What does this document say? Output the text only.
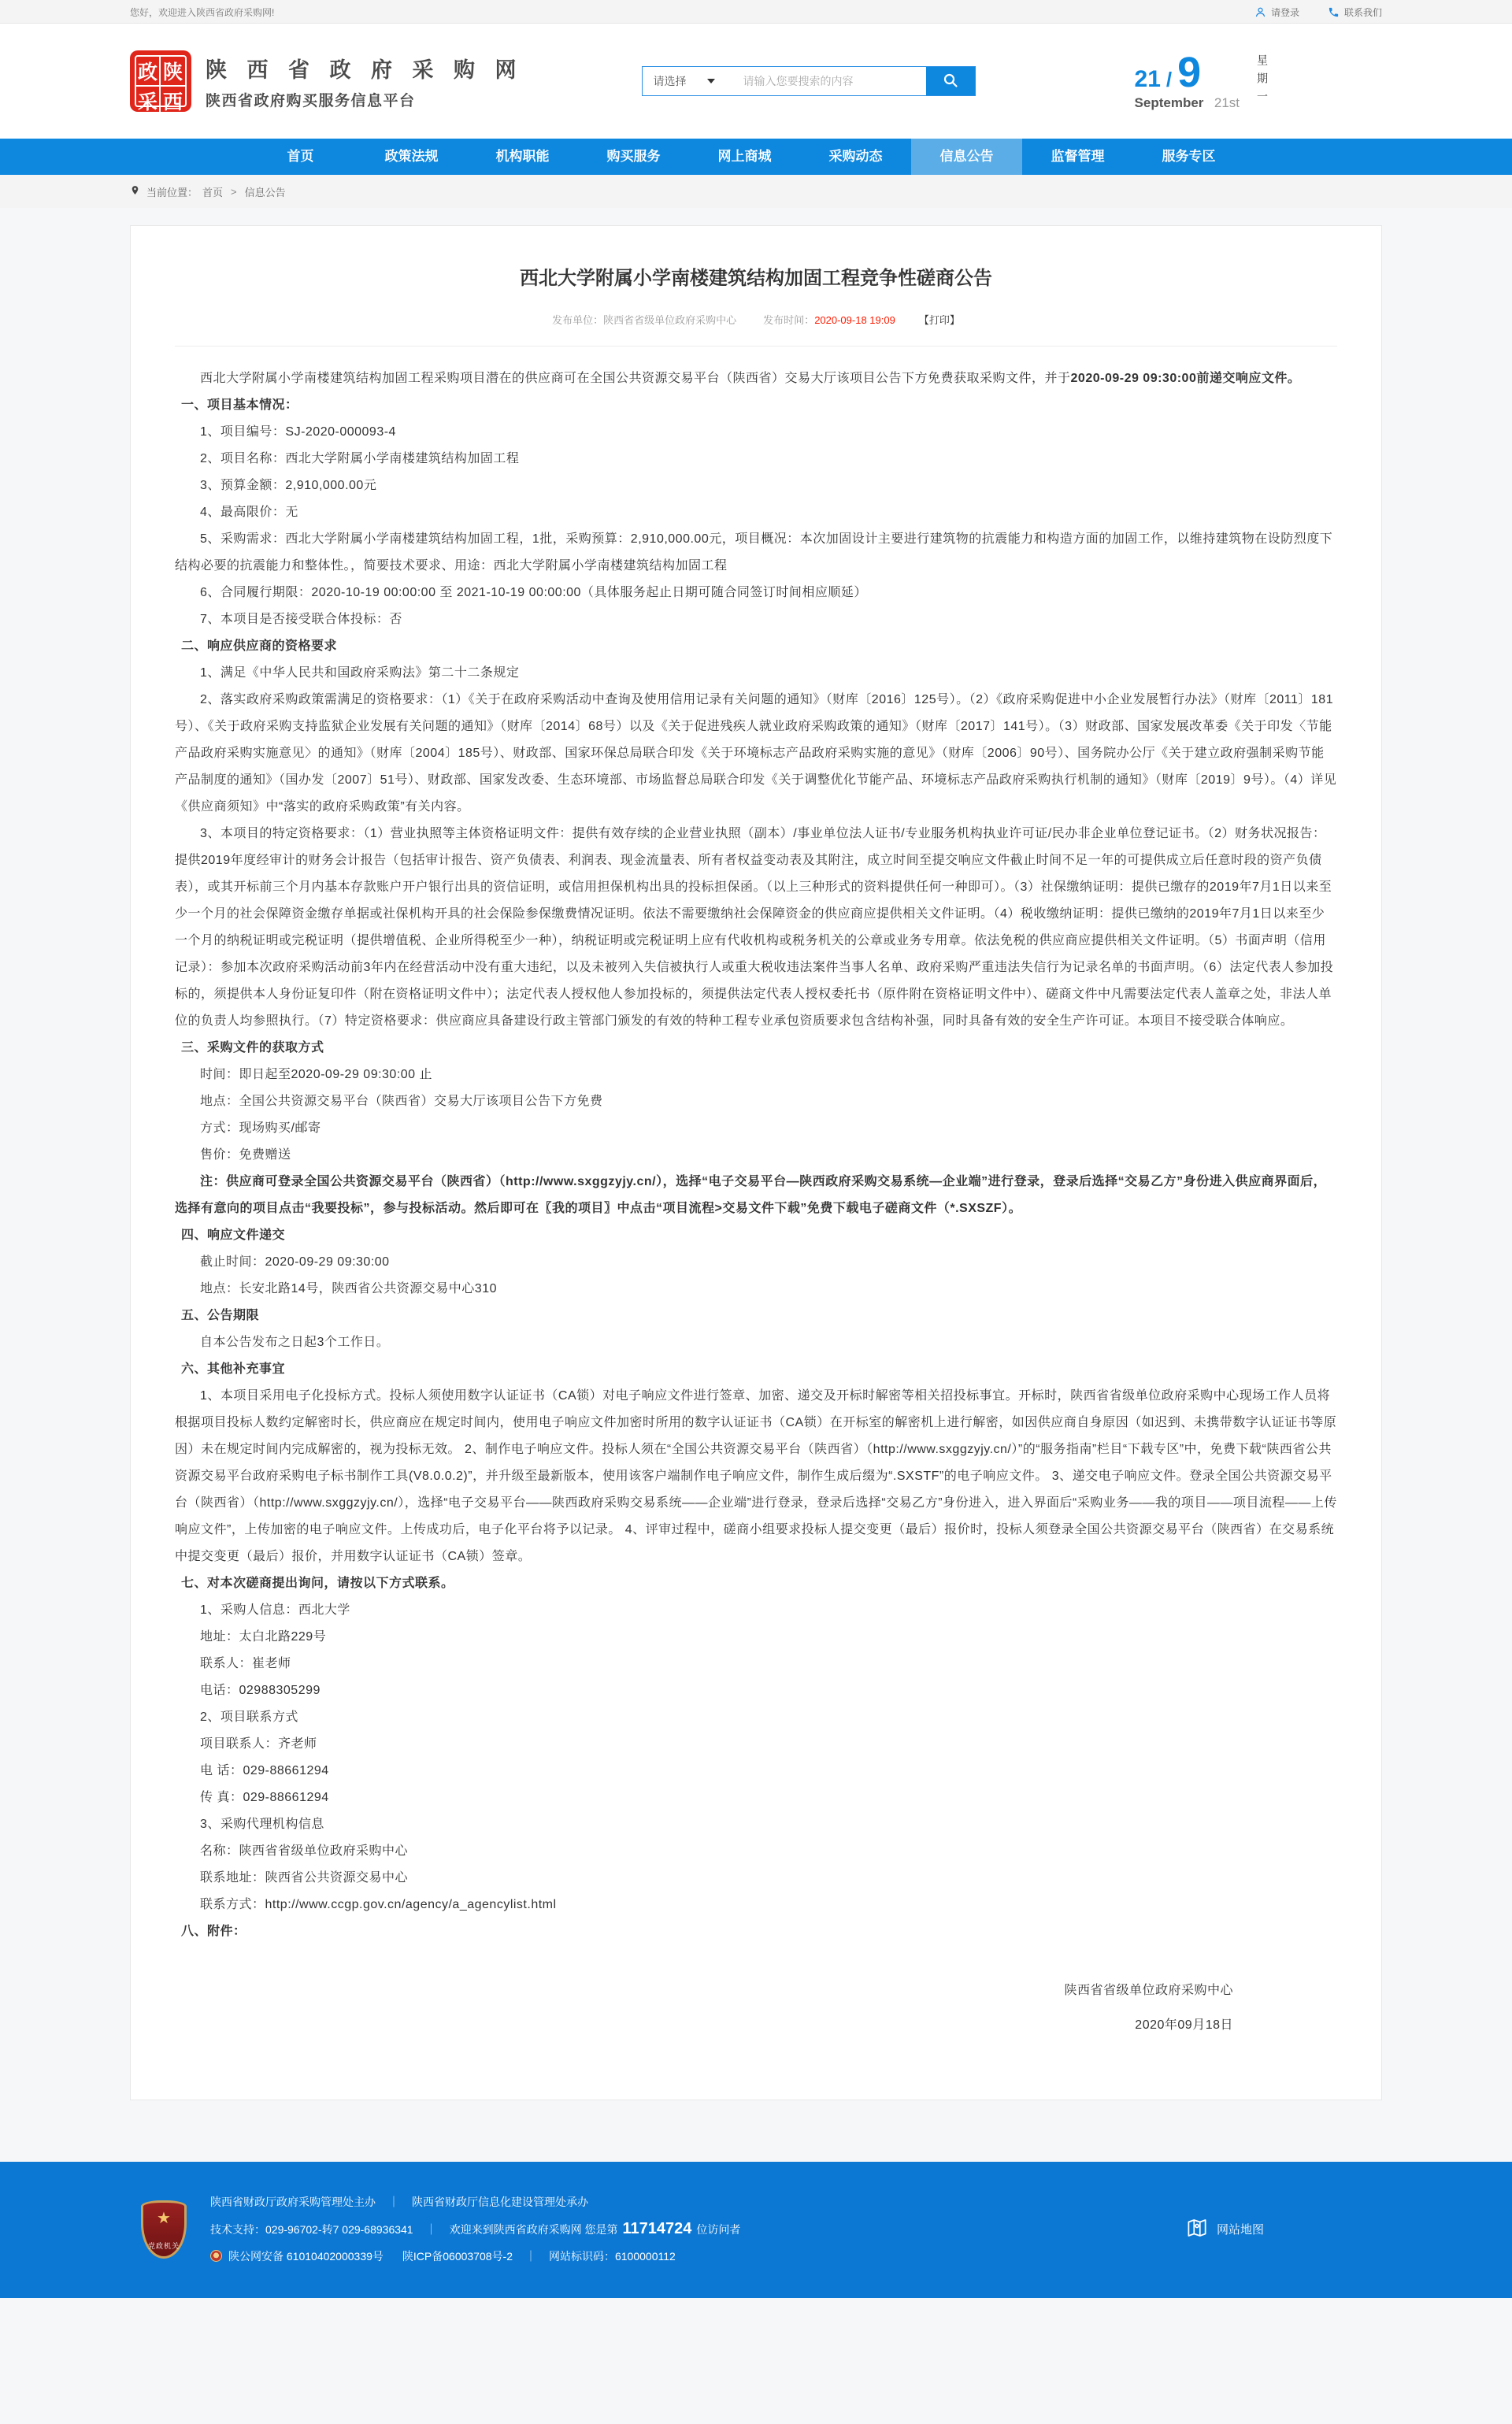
您好，欢迎进入陕西省政府采购网!	请登录	联系我们
政 陕
采 西
陕 西 省 政 府 采 购 网
陕西省政府购买服务信息平台
请选择
请输入您要搜索的内容	21 / 9
September 21st 星期一
首页	政策法规	机构职能	购买服务	网上商城	采购动态	信息公告	监督管理	服务专区
当前位置： 首页 > 信息公告
西北大学附属小学南楼建筑结构加固工程竞争性磋商公告
发布单位：陕西省省级单位政府采购中心	发布时间：2020-09-18 19:09 【打印】

西北大学附属小学南楼建筑结构加固工程采购项目潜在的供应商可在全国公共资源交易平台（陕西省）交易大厅该项目公告下方免费获取采购文件，并于2020-09-29 09:30:00前递交响应文件。

一、项目基本情况：

1、项目编号：SJ-2020-000093-4

2、项目名称：西北大学附属小学南楼建筑结构加固工程

3、预算金额：2,910,000.00元

4、最高限价：无

5、采购需求：西北大学附属小学南楼建筑结构加固工程，1批，采购预算：2,910,000.00元，项目概况：本次加固设计主要进行建筑物的抗震能力和构造方面的加固工作，以维持建筑物在设防烈度下结构必要的抗震能力和整体性。，简要技术要求、用途：西北大学附属小学南楼建筑结构加固工程

6、合同履行期限：2020-10-19 00:00:00 至 2021-10-19 00:00:00（具体服务起止日期可随合同签订时间相应顺延）

7、本项目是否接受联合体投标：否

二、响应供应商的资格要求

1、满足《中华人民共和国政府采购法》第二十二条规定

2、落实政府采购政策需满足的资格要求：（1）《关于在政府采购活动中查询及使用信用记录有关问题的通知》（财库〔2016〕125号）。（2）《政府采购促进中小企业发展暂行办法》（财库〔2011〕181号）、《关于政府采购支持监狱企业发展有关问题的通知》（财库〔2014〕68号）以及《关于促进残疾人就业政府采购政策的通知》（财库〔2017〕141号）。（3）财政部、国家发展改革委《关于印发〈节能产品政府采购实施意见〉的通知》（财库〔2004〕185号）、财政部、国家环保总局联合印发《关于环境标志产品政府采购实施的意见》（财库〔2006〕90号）、国务院办公厅《关于建立政府强制采购节能产品制度的通知》（国办发〔2007〕51号）、财政部、国家发改委、生态环境部、市场监督总局联合印发《关于调整优化节能产品、环境标志产品政府采购执行机制的通知》（财库〔2019〕9号）。（4）详见《供应商须知》中“落实的政府采购政策”有关内容。

3、本项目的特定资格要求：（1）营业执照等主体资格证明文件：提供有效存续的企业营业执照（副本）/事业单位法人证书/专业服务机构执业许可证/民办非企业单位登记证书。（2）财务状况报告：提供2019年度经审计的财务会计报告（包括审计报告、资产负债表、利润表、现金流量表、所有者权益变动表及其附注，成立时间至提交响应文件截止时间不足一年的可提供成立后任意时段的资产负债表），或其开标前三个月内基本存款账户开户银行出具的资信证明，或信用担保机构出具的投标担保函。（以上三种形式的资料提供任何一种即可）。（3）社保缴纳证明：提供已缴存的2019年7月1日以来至少一个月的社会保障资金缴存单据或社保机构开具的社会保险参保缴费情况证明。依法不需要缴纳社会保障资金的供应商应提供相关文件证明。（4）税收缴纳证明：提供已缴纳的2019年7月1日以来至少一个月的纳税证明或完税证明（提供增值税、企业所得税至少一种），纳税证明或完税证明上应有代收机构或税务机关的公章或业务专用章。依法免税的供应商应提供相关文件证明。（5）书面声明（信用记录）：参加本次政府采购活动前3年内在经营活动中没有重大违纪，以及未被列入失信被执行人或重大税收违法案件当事人名单、政府采购严重违法失信行为记录名单的书面声明。（6）法定代表人参加投标的，须提供本人身份证复印件（附在资格证明文件中）；法定代表人授权他人参加投标的，须提供法定代表人授权委托书（原件附在资格证明文件中）、磋商文件中凡需要法定代表人盖章之处，非法人单位的负责人均参照执行。（7）特定资格要求：供应商应具备建设行政主管部门颁发的有效的特种工程专业承包资质要求包含结构补强，同时具备有效的安全生产许可证。本项目不接受联合体响应。

三、采购文件的获取方式

时间：即日起至2020-09-29 09:30:00 止

地点：全国公共资源交易平台（陕西省）交易大厅该项目公告下方免费

方式：现场购买/邮寄

售价：免费赠送

注：供应商可登录全国公共资源交易平台（陕西省）（http://www.sxggzyjy.cn/），选择“电子交易平台—陕西政府采购交易系统—企业端”进行登录，登录后选择“交易乙方”身份进入供应商界面后，选择有意向的项目点击“我要投标”，参与投标活动。然后即可在〖我的项目〗中点击“项目流程>交易文件下载”免费下载电子磋商文件（*.SXSZF）。

四、响应文件递交

截止时间：2020-09-29 09:30:00

地点：长安北路14号，陕西省公共资源交易中心310

五、公告期限

自本公告发布之日起3个工作日。

六、其他补充事宜

1、本项目采用电子化投标方式。投标人须使用数字认证证书（CA锁）对电子响应文件进行签章、加密、递交及开标时解密等相关招投标事宜。开标时，陕西省省级单位政府采购中心现场工作人员将根据项目投标人数约定解密时长，供应商应在规定时间内，使用电子响应文件加密时所用的数字认证证书（CA锁）在开标室的解密机上进行解密，如因供应商自身原因（如迟到、未携带数字认证证书等原因）未在规定时间内完成解密的，视为投标无效。 2、制作电子响应文件。投标人须在“全国公共资源交易平台（陕西省）（http://www.sxggzyjy.cn/）”的“服务指南”栏目“下载专区”中，免费下载“陕西省公共资源交易平台政府采购电子标书制作工具(V8.0.0.2)”，并升级至最新版本，使用该客户端制作电子响应文件，制作生成后缀为“.SXSTF”的电子响应文件。 3、递交电子响应文件。登录全国公共资源交易平台（陕西省）（http://www.sxggzyjy.cn/），选择“电子交易平台——陕西政府采购交易系统——企业端”进行登录，登录后选择“交易乙方”身份进入，进入界面后“采购业务——我的项目——项目流程——上传响应文件”，上传加密的电子响应文件。上传成功后，电子化平台将予以记录。 4、评审过程中，磋商小组要求投标人提交变更（最后）报价时，投标人须登录全国公共资源交易平台（陕西省）在交易系统中提交变更（最后）报价，并用数字认证证书（CA锁）签章。

七、对本次磋商提出询问，请按以下方式联系。

1、采购人信息：西北大学

地址：太白北路229号

联系人：崔老师

电话：02988305299

2、项目联系方式

项目联系人：齐老师

电 话：029-88661294

传 真：029-88661294

3、采购代理机构信息

名称：陕西省省级单位政府采购中心

联系地址：陕西省公共资源交易中心

联系方式：http://www.ccgp.gov.cn/agency/a_agencylist.html

八、附件：

陕西省省级单位政府采购中心

2020年09月18日

★
党政机关
陕西省财政厅政府采购管理处主办 ｜ 陕西省财政厅信息化建设管理处承办
技术支持：029-96702-转7 029-68936341 ｜ 欢迎来到陕西省政府采购网 您是第 11714724 位访问者
陕公网安备 61010402000339号 陕ICP备06003708号-2 ｜ 网站标识码：6100000112
网站地图
